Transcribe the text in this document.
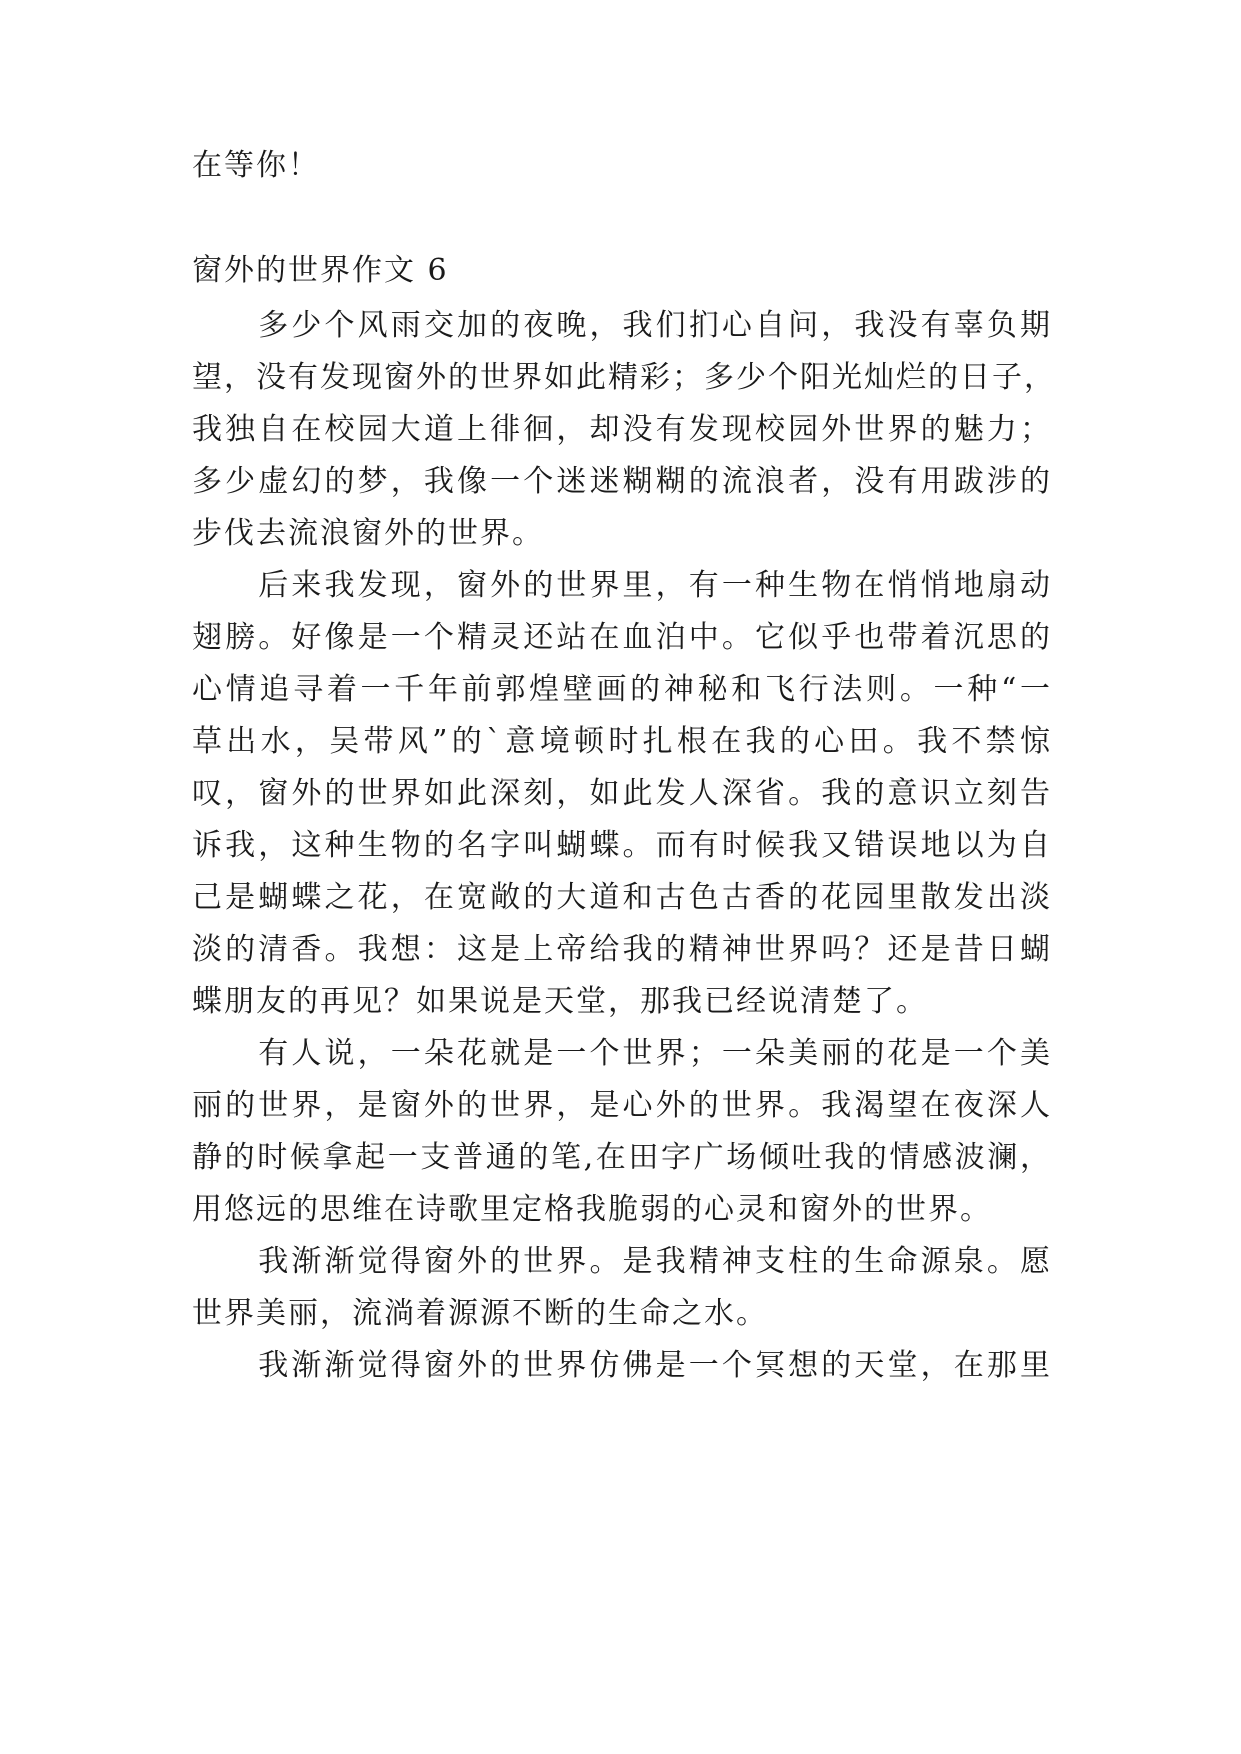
在等你！
窗外的世界作文 6
　　多少个风雨交加的夜晚，我们扪心自问，我没有辜负期
望，没有发现窗外的世界如此精彩；多少个阳光灿烂的日子，
我独自在校园大道上徘徊，却没有发现校园外世界的魅力；
多少虚幻的梦，我像一个迷迷糊糊的流浪者，没有用跋涉的
步伐去流浪窗外的世界。
　　后来我发现，窗外的世界里，有一种生物在悄悄地扇动
翅膀。好像是一个精灵还站在血泊中。它似乎也带着沉思的
心情追寻着一千年前郭煌壁画的神秘和飞行法则。一种“一
草出水，吴带风”的`意境顿时扎根在我的心田。我不禁惊
叹，窗外的世界如此深刻，如此发人深省。我的意识立刻告
诉我，这种生物的名字叫蝴蝶。而有时候我又错误地以为自
己是蝴蝶之花，在宽敞的大道和古色古香的花园里散发出淡
淡的清香。我想：这是上帝给我的精神世界吗？还是昔日蝴
蝶朋友的再见？如果说是天堂，那我已经说清楚了。
　　有人说，一朵花就是一个世界；一朵美丽的花是一个美
丽的世界，是窗外的世界，是心外的世界。我渴望在夜深人
静的时候拿起一支普通的笔,在田字广场倾吐我的情感波澜，
用悠远的思维在诗歌里定格我脆弱的心灵和窗外的世界。
　　我渐渐觉得窗外的世界。是我精神支柱的生命源泉。愿
世界美丽，流淌着源源不断的生命之水。
　　我渐渐觉得窗外的世界仿佛是一个冥想的天堂，在那里
